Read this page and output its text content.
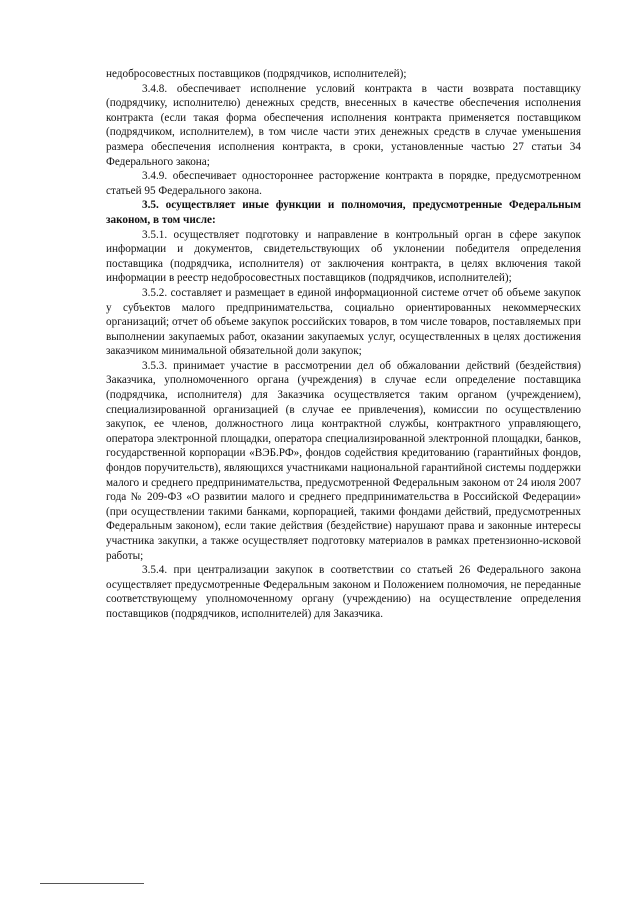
недобросовестных поставщиков (подрядчиков, исполнителей);

3.4.8. обеспечивает исполнение условий контракта в части возврата поставщику (подрядчику, исполнителю) денежных средств, внесенных в качестве обеспечения исполнения контракта (если такая форма обеспечения исполнения контракта применяется поставщиком (подрядчиком, исполнителем), в том числе части этих денежных средств в случае уменьшения размера обеспечения исполнения контракта, в сроки, установленные частью 27 статьи 34 Федерального закона;

3.4.9. обеспечивает одностороннее расторжение контракта в порядке, предусмотренном статьей 95 Федерального закона.

3.5. осуществляет иные функции и полномочия, предусмотренные Федеральным законом, в том числе:

3.5.1. осуществляет подготовку и направление в контрольный орган в сфере закупок информации и документов, свидетельствующих об уклонении победителя определения поставщика (подрядчика, исполнителя) от заключения контракта, в целях включения такой информации в реестр недобросовестных поставщиков (подрядчиков, исполнителей);

3.5.2. составляет и размещает в единой информационной системе отчет об объеме закупок у субъектов малого предпринимательства, социально ориентированных некоммерческих организаций; отчет об объеме закупок российских товаров, в том числе товаров, поставляемых при выполнении закупаемых работ, оказании закупаемых услуг, осуществленных в целях достижения заказчиком минимальной обязательной доли закупок;

3.5.3. принимает участие в рассмотрении дел об обжаловании действий (бездействия) Заказчика, уполномоченного органа (учреждения) в случае если определение поставщика (подрядчика, исполнителя) для Заказчика осуществляется таким органом (учреждением), специализированной организацией (в случае ее привлечения), комиссии по осуществлению закупок, ее членов, должностного лица контрактной службы, контрактного управляющего, оператора электронной площадки, оператора специализированной электронной площадки, банков, государственной корпорации «ВЭБ.РФ», фондов содействия кредитованию (гарантийных фондов, фондов поручительств), являющихся участниками национальной гарантийной системы поддержки малого и среднего предпринимательства, предусмотренной Федеральным законом от 24 июля 2007 года № 209-ФЗ «О развитии малого и среднего предпринимательства в Российской Федерации» (при осуществлении такими банками, корпорацией, такими фондами действий, предусмотренных Федеральным законом), если такие действия (бездействие) нарушают права и законные интересы участника закупки, а также осуществляет подготовку материалов в рамках претензионно-исковой работы;

3.5.4. при централизации закупок в соответствии со статьей 26 Федерального закона осуществляет предусмотренные Федеральным законом и Положением полномочия, не переданные соответствующему уполномоченному органу (учреждению) на осуществление определения поставщиков (подрядчиков, исполнителей) для Заказчика.
